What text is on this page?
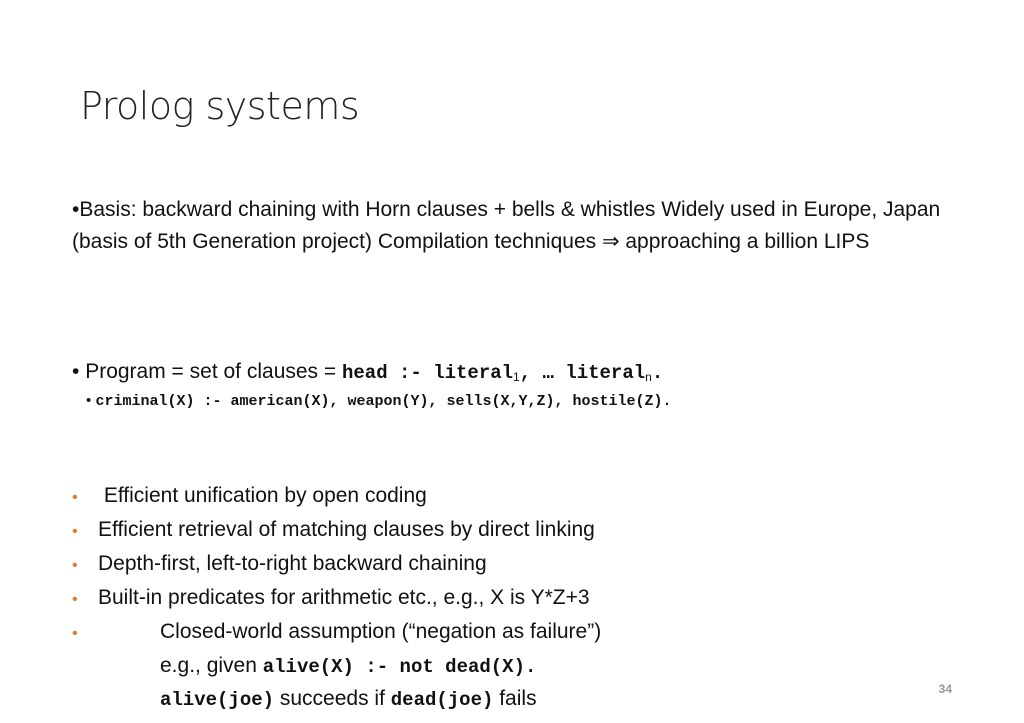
Prolog systems
•Basis: backward chaining with Horn clauses + bells & whistles Widely used in Europe, Japan (basis of 5th Generation project) Compilation techniques ⇒ approaching a billion LIPS
• Program = set of clauses = head :- literal$_1$, … literal$_n$.
• criminal(X) :- american(X), weapon(Y), sells(X,Y,Z), hostile(Z).
• Efficient unification by open coding
• Efficient retrieval of matching clauses by direct linking
• Depth-first, left-to-right backward chaining
• Built-in predicates for arithmetic etc., e.g., X is Y*Z+3
•	Closed-world assumption (“negation as failure”)
e.g., given alive(X) :- not dead(X).
alive(joe) succeeds if dead(joe) fails	34
